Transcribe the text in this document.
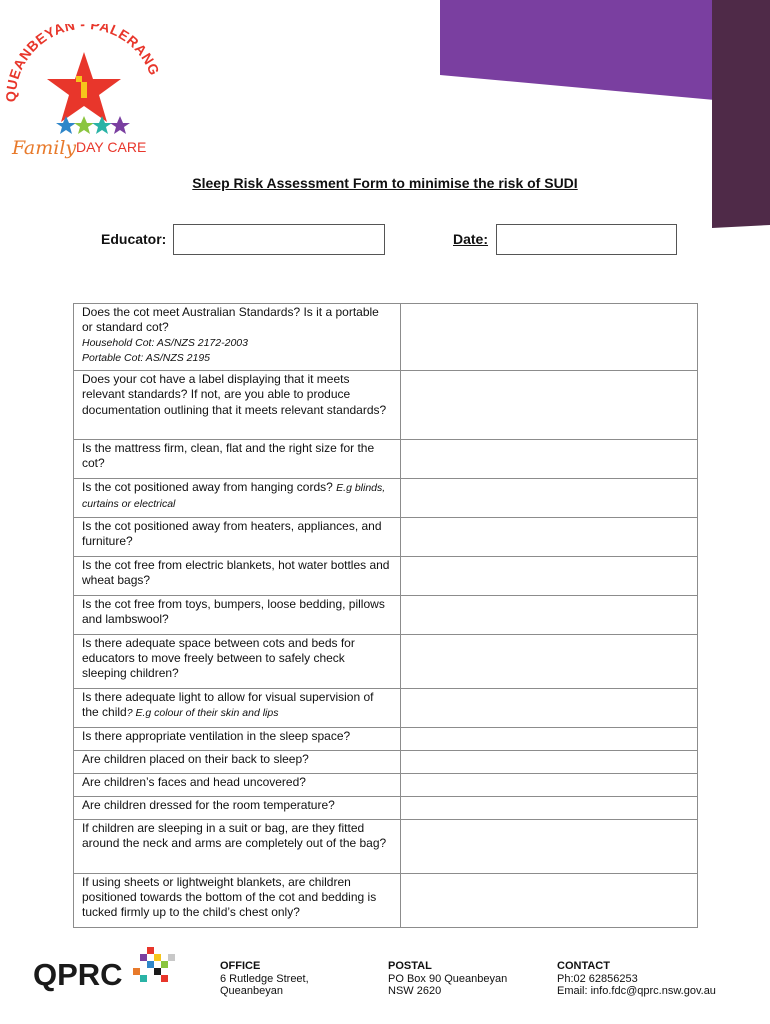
QUEANBEYAN PALERANG
Family DAY CARE
Sleep Risk Assessment Form to minimise the risk of SUDI
Educator:	Date:
Does the cot meet Australian Standards? Is it a portable or standard cot?
Household Cot: AS/NZS 2172-2003
Portable Cot: AS/NZS 2195	

Does your cot have a label displaying that it meets relevant standards? If not, are you able to produce documentation outlining that it meets relevant standards?	
Is the mattress firm, clean, flat and the right size for the cot?	
Is the cot positioned away from hanging cords? E.g blinds, curtains or electrical	
Is the cot positioned away from heaters, appliances, and furniture?	
Is the cot free from electric blankets, hot water bottles and wheat bags?	
Is the cot free from toys, bumpers, loose bedding, pillows and lambswool?	
Is there adequate space between cots and beds for educators to move freely between to safely check sleeping children?	
Is there adequate light to allow for visual supervision of the child? E.g colour of their skin and lips	
Is there appropriate ventilation in the sleep space?	
Are children placed on their back to sleep?	
Are children’s faces and head uncovered?	
Are children dressed for the room temperature?	
If children are sleeping in a suit or bag, are they fitted around the neck and arms are completely out of the bag?	
If using sheets or lightweight blankets, are children positioned towards the bottom of the cot and bedding is tucked firmly up to the child’s chest only?	
QPRC	OFFICE
6 Rutledge Street,
Queanbeyan
POSTAL
PO Box 90 Queanbeyan
NSW 2620
CONTACT
Ph:02 62856253
Email: info.fdc@qprc.nsw.gov.au
